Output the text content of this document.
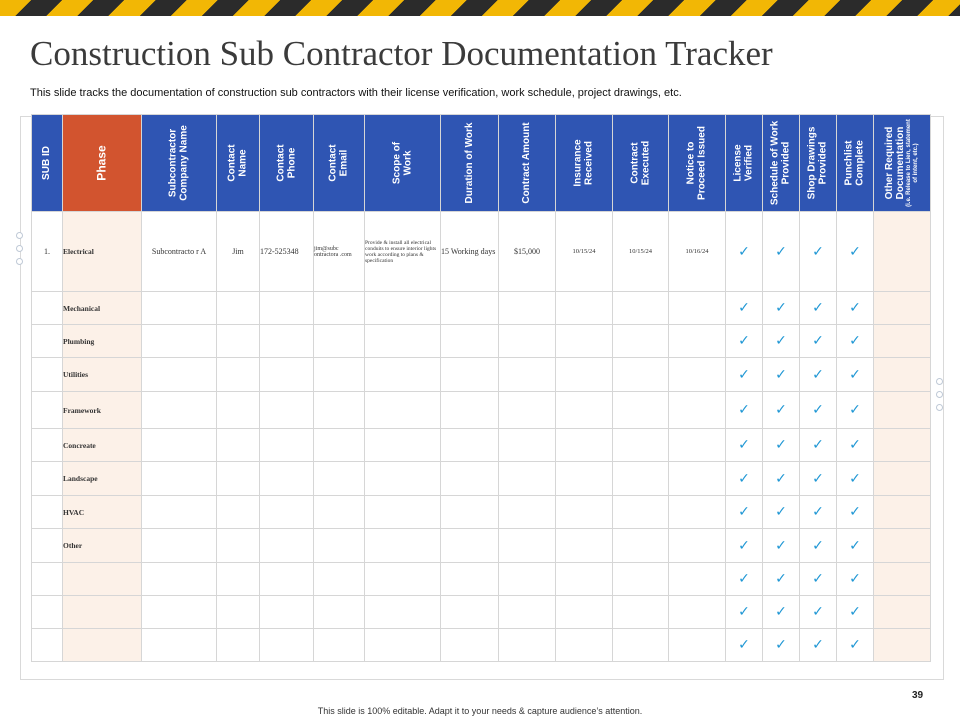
Construction Sub Contractor Documentation Tracker
This slide tracks the documentation of construction sub contractors with their license verification, work schedule, project drawings, etc.
SUB ID	Phase	Subcontractor Company Name	Contact Name	Contact Phone	Contact Email	Scope of Work	Duration of Work	Contract Amount	Insurance Received	Contract Executed	Notice to Proceed Issued	License Verified	Schedule of Work Provided	Shop Drawings Provided	Punchlist Complete	Other Required Documentation (i.e. Release to Lien, statement of intent, etc.)

1.	Electrical	Subcontracto r A	Jim	172-525348	jim@subc ontractora .com	Provide & install all electrical conduits to ensure interior lights work according to plans & specification	15 Working days	$15,000	10/15/24	10/15/24	10/16/24	✓	✓	✓	✓	
	Mechanical											✓	✓	✓	✓	
	Plumbing											✓	✓	✓	✓	
	Utilities											✓	✓	✓	✓	
	Framework											✓	✓	✓	✓	
	Concreate											✓	✓	✓	✓	
	Landscape											✓	✓	✓	✓	
	HVAC											✓	✓	✓	✓	
	Other											✓	✓	✓	✓	
												✓	✓	✓	✓	
												✓	✓	✓	✓	
												✓	✓	✓	✓	
39
This slide is 100% editable. Adapt it to your needs & capture audience’s attention.
